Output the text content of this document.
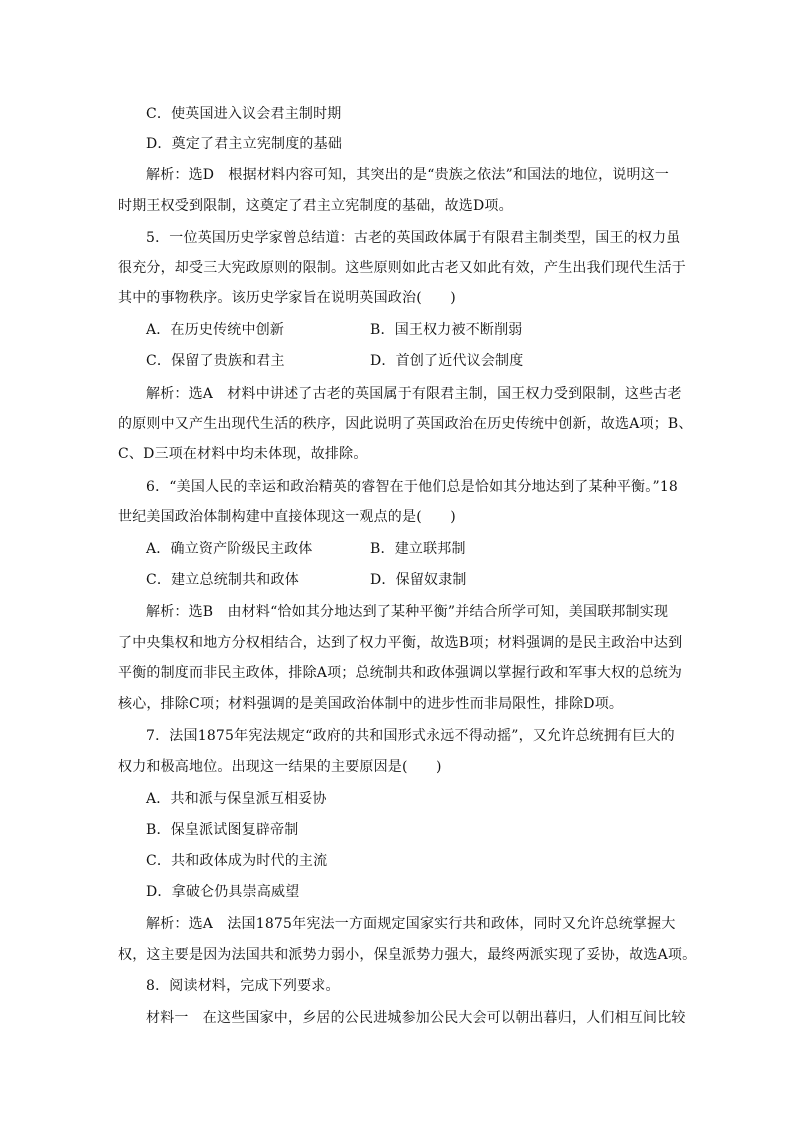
C．使英国进入议会君主制时期
D．奠定了君主立宪制度的基础
解析：选D　根据材料内容可知，其突出的是“贵族之依法”和国法的地位，说明这一
时期王权受到限制，这奠定了君主立宪制度的基础，故选D项。
5．一位英国历史学家曾总结道：古老的英国政体属于有限君主制类型，国王的权力虽
很充分，却受三大宪政原则的限制。这些原则如此古老又如此有效，产生出我们现代生活于
其中的事物秩序。该历史学家旨在说明英国政治(　　)
A．在历史传统中创新	B．国王权力被不断削弱
C．保留了贵族和君主	D．首创了近代议会制度
解析：选A　材料中讲述了古老的英国属于有限君主制，国王权力受到限制，这些古老
的原则中又产生出现代生活的秩序，因此说明了英国政治在历史传统中创新，故选A项；B、
C、D三项在材料中均未体现，故排除。
6．“美国人民的幸运和政治精英的睿智在于他们总是恰如其分地达到了某种平衡。”18
世纪美国政治体制构建中直接体现这一观点的是(　　)
A．确立资产阶级民主政体	B．建立联邦制
C．建立总统制共和政体	D．保留奴隶制
解析：选B　由材料“恰如其分地达到了某种平衡”并结合所学可知，美国联邦制实现
了中央集权和地方分权相结合，达到了权力平衡，故选B项；材料强调的是民主政治中达到
平衡的制度而非民主政体，排除A项；总统制共和政体强调以掌握行政和军事大权的总统为
核心，排除C项；材料强调的是美国政治体制中的进步性而非局限性，排除D项。
7．法国1875年宪法规定“政府的共和国形式永远不得动摇”，又允许总统拥有巨大的
权力和极高地位。出现这一结果的主要原因是(　　)
A．共和派与保皇派互相妥协
B．保皇派试图复辟帝制
C．共和政体成为时代的主流
D．拿破仑仍具崇高威望
解析：选A　法国1875年宪法一方面规定国家实行共和政体，同时又允许总统掌握大
权，这主要是因为法国共和派势力弱小，保皇派势力强大，最终两派实现了妥协，故选A项。
8．阅读材料，完成下列要求。
材料一　在这些国家中，乡居的公民进城参加公民大会可以朝出暮归，人们相互间比较
